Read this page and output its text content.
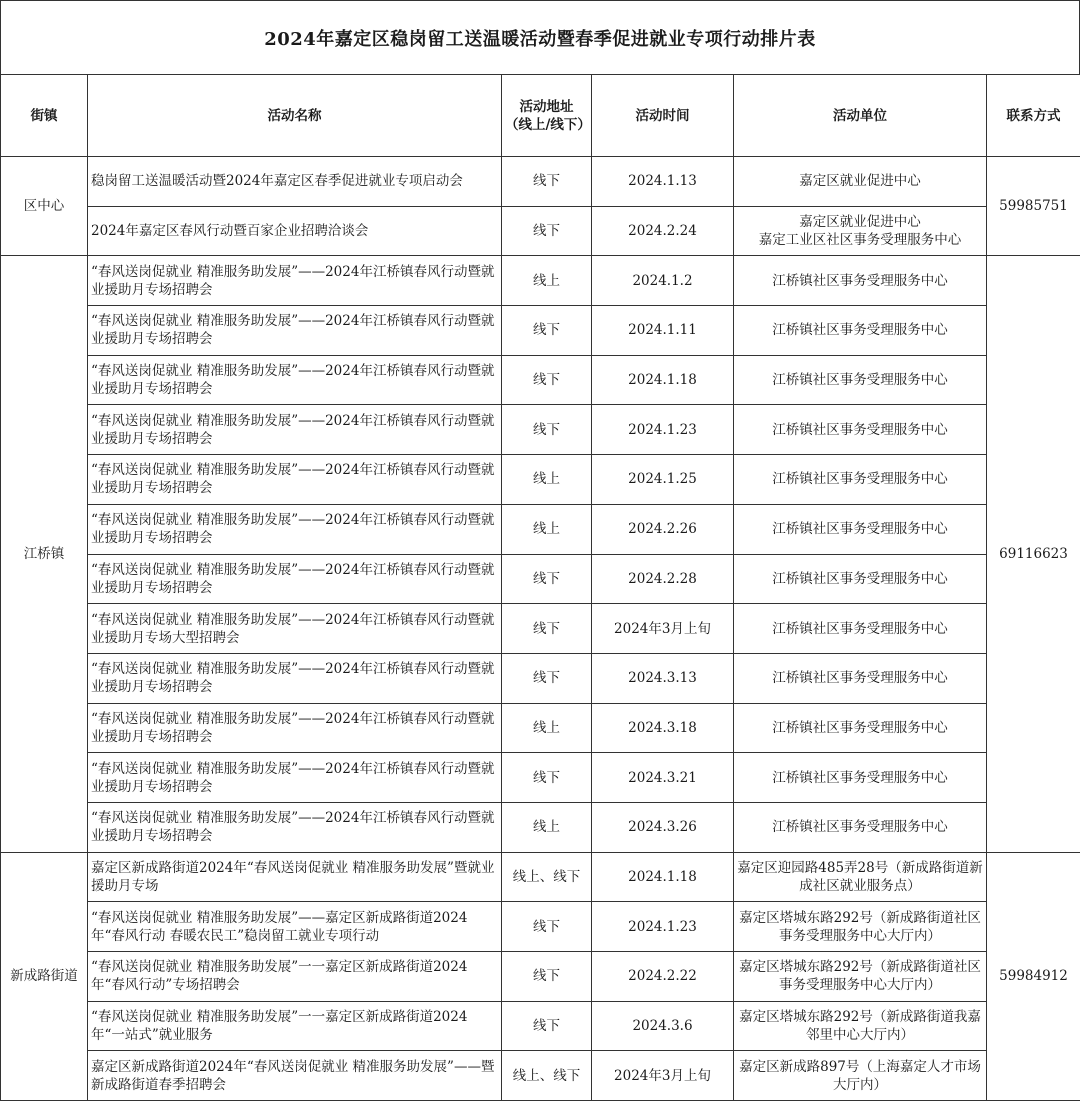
2024年嘉定区稳岗留工送温暖活动暨春季促进就业专项行动排片表
街镇	活动名称	活动地址
（线上/线下）	活动时间	活动单位	联系方式
区中心	稳岗留工送温暖活动暨2024年嘉定区春季促进就业专项启动会	线下	2024.1.13	嘉定区就业促进中心	59985751
	2024年嘉定区春风行动暨百家企业招聘洽谈会	线下	2024.2.24	嘉定区就业促进中心
嘉定工业区社区事务受理服务中心	
江桥镇	“春风送岗促就业 精准服务助发展”——2024年江桥镇春风行动暨就业援助月专场招聘会	线上	2024.1.2	江桥镇社区事务受理服务中心	69116623
	“春风送岗促就业 精准服务助发展”——2024年江桥镇春风行动暨就业援助月专场招聘会	线下	2024.1.11	江桥镇社区事务受理服务中心	
	“春风送岗促就业 精准服务助发展”——2024年江桥镇春风行动暨就业援助月专场招聘会	线下	2024.1.18	江桥镇社区事务受理服务中心	
	“春风送岗促就业 精准服务助发展”——2024年江桥镇春风行动暨就业援助月专场招聘会	线下	2024.1.23	江桥镇社区事务受理服务中心	
	“春风送岗促就业 精准服务助发展”——2024年江桥镇春风行动暨就业援助月专场招聘会	线上	2024.1.25	江桥镇社区事务受理服务中心	
	“春风送岗促就业 精准服务助发展”——2024年江桥镇春风行动暨就业援助月专场招聘会	线上	2024.2.26	江桥镇社区事务受理服务中心	
	“春风送岗促就业 精准服务助发展”——2024年江桥镇春风行动暨就业援助月专场招聘会	线下	2024.2.28	江桥镇社区事务受理服务中心	
	“春风送岗促就业 精准服务助发展”——2024年江桥镇春风行动暨就业援助月专场大型招聘会	线下	2024年3月上旬	江桥镇社区事务受理服务中心	
	“春风送岗促就业 精准服务助发展”——2024年江桥镇春风行动暨就业援助月专场招聘会	线下	2024.3.13	江桥镇社区事务受理服务中心	
	“春风送岗促就业 精准服务助发展”——2024年江桥镇春风行动暨就业援助月专场招聘会	线上	2024.3.18	江桥镇社区事务受理服务中心	
	“春风送岗促就业 精准服务助发展”——2024年江桥镇春风行动暨就业援助月专场招聘会	线下	2024.3.21	江桥镇社区事务受理服务中心	
	“春风送岗促就业 精准服务助发展”——2024年江桥镇春风行动暨就业援助月专场招聘会	线上	2024.3.26	江桥镇社区事务受理服务中心	
新成路街道	嘉定区新成路街道2024年“春风送岗促就业 精准服务助发展”暨就业援助月专场	线上、线下	2024.1.18	嘉定区迎园路485弄28号（新成路街道新成社区就业服务点）	59984912
	“春风送岗促就业 精准服务助发展”——嘉定区新成路街道2024年“春风行动 春暖农民工”稳岗留工就业专项行动	线下	2024.1.23	嘉定区塔城东路292号（新成路街道社区事务受理服务中心大厅内）	
	“春风送岗促就业 精准服务助发展”一一嘉定区新成路街道2024年“春风行动”专场招聘会	线下	2024.2.22	嘉定区塔城东路292号（新成路街道社区事务受理服务中心大厅内）	
	“春风送岗促就业 精准服务助发展”一一嘉定区新成路街道2024年“一站式”就业服务	线下	2024.3.6	嘉定区塔城东路292号（新成路街道我嘉邻里中心大厅内）	
	嘉定区新成路街道2024年“春风送岗促就业 精准服务助发展”——暨新成路街道春季招聘会	线上、线下	2024年3月上旬	嘉定区新成路897号（上海嘉定人才市场大厅内）	
